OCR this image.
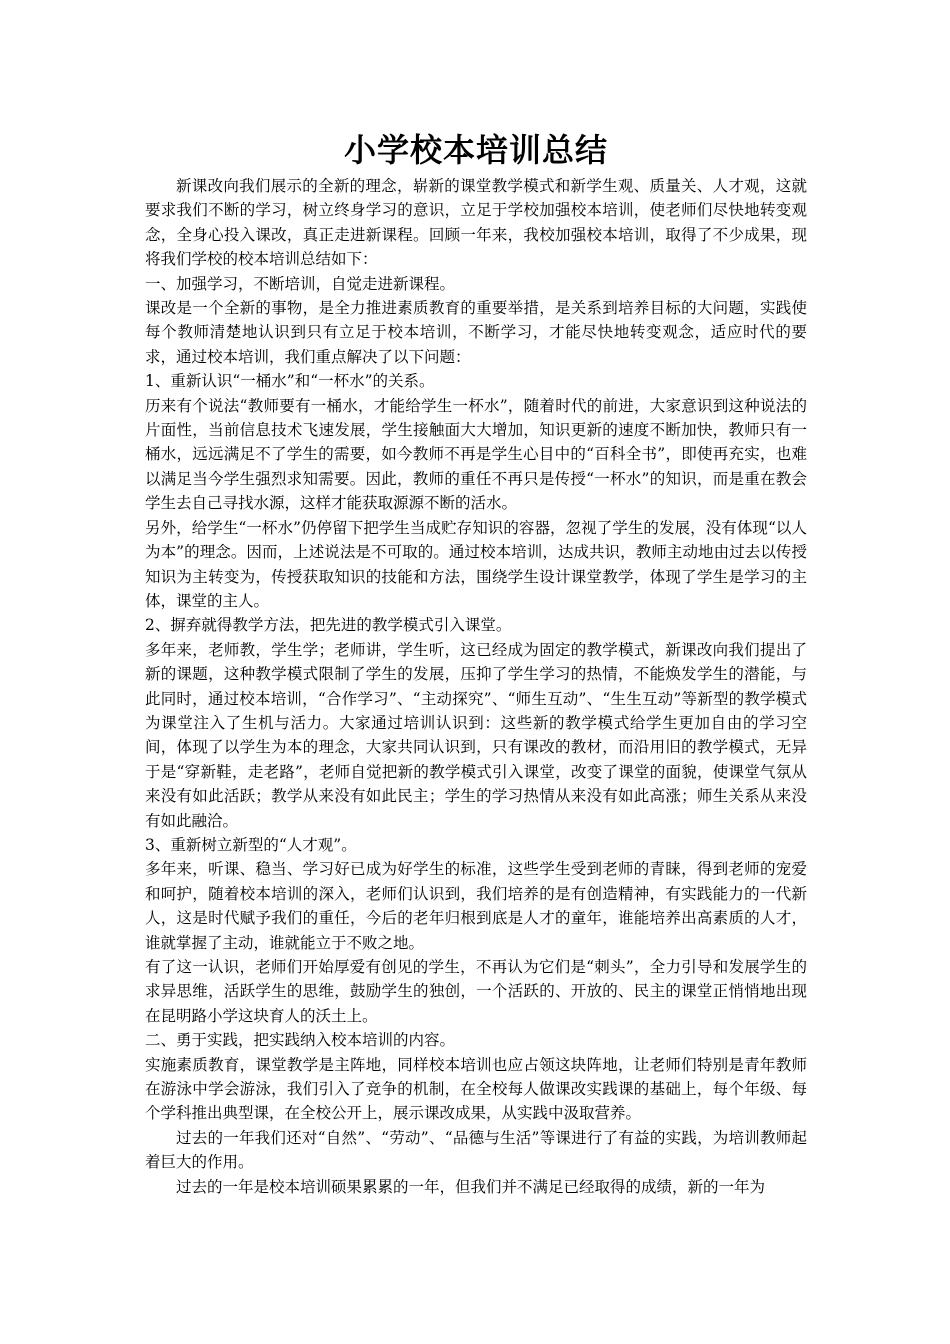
小学校本培训总结

新课改向我们展示的全新的理念，崭新的课堂教学模式和新学生观、质量关、人才观，这就要求我们不断的学习，树立终身学习的意识，立足于学校加强校本培训，使老师们尽快地转变观念，全身心投入课改，真正走进新课程。回顾一年来，我校加强校本培训，取得了不少成果，现将我们学校的校本培训总结如下：

一、加强学习，不断培训，自觉走进新课程。

课改是一个全新的事物，是全力推进素质教育的重要举措，是关系到培养目标的大问题，实践使每个教师清楚地认识到只有立足于校本培训，不断学习，才能尽快地转变观念，适应时代的要求，通过校本培训，我们重点解决了以下问题：

1、重新认识“一桶水”和“一杯水”的关系。

历来有个说法“教师要有一桶水，才能给学生一杯水”，随着时代的前进，大家意识到这种说法的片面性，当前信息技术飞速发展，学生接触面大大增加，知识更新的速度不断加快，教师只有一桶水，远远满足不了学生的需要，如今教师不再是学生心目中的“百科全书”，即使再充实，也难以满足当今学生强烈求知需要。因此，教师的重任不再只是传授“一杯水”的知识，而是重在教会学生去自己寻找水源，这样才能获取源源不断的活水。

另外，给学生“一杯水”仍停留下把学生当成贮存知识的容器，忽视了学生的发展，没有体现“以人为本”的理念。因而，上述说法是不可取的。通过校本培训，达成共识，教师主动地由过去以传授知识为主转变为，传授获取知识的技能和方法，围绕学生设计课堂教学，体现了学生是学习的主体，课堂的主人。

2、摒弃就得教学方法，把先进的教学模式引入课堂。

多年来，老师教，学生学；老师讲，学生听，这已经成为固定的教学模式，新课改向我们提出了新的课题，这种教学模式限制了学生的发展，压抑了学生学习的热情，不能焕发学生的潜能，与此同时，通过校本培训，“合作学习”、“主动探究”、“师生互动”、“生生互动”等新型的教学模式为课堂注入了生机与活力。大家通过培训认识到：这些新的教学模式给学生更加自由的学习空间，体现了以学生为本的理念，大家共同认识到，只有课改的教材，而沿用旧的教学模式，无异于是“穿新鞋，走老路”，老师自觉把新的教学模式引入课堂，改变了课堂的面貌，使课堂气氛从来没有如此活跃；教学从来没有如此民主；学生的学习热情从来没有如此高涨；师生关系从来没有如此融洽。

3、重新树立新型的“人才观”。

多年来，听课、稳当、学习好已成为好学生的标准，这些学生受到老师的青睐，得到老师的宠爱和呵护，随着校本培训的深入，老师们认识到，我们培养的是有创造精神，有实践能力的一代新人，这是时代赋予我们的重任，今后的老年归根到底是人才的童年，谁能培养出高素质的人才，谁就掌握了主动，谁就能立于不败之地。

有了这一认识，老师们开始厚爱有创见的学生，不再认为它们是“刺头”，全力引导和发展学生的求异思维，活跃学生的思维，鼓励学生的独创，一个活跃的、开放的、民主的课堂正悄悄地出现在昆明路小学这块育人的沃土上。

二、勇于实践，把实践纳入校本培训的内容。

实施素质教育，课堂教学是主阵地，同样校本培训也应占领这块阵地，让老师们特别是青年教师在游泳中学会游泳，我们引入了竞争的机制，在全校每人做课改实践课的基础上，每个年级、每个学科推出典型课，在全校公开上，展示课改成果，从实践中汲取营养。

过去的一年我们还对“自然”、“劳动”、“品德与生活”等课进行了有益的实践，为培训教师起着巨大的作用。

过去的一年是校本培训硕果累累的一年，但我们并不满足已经取得的成绩，新的一年为
